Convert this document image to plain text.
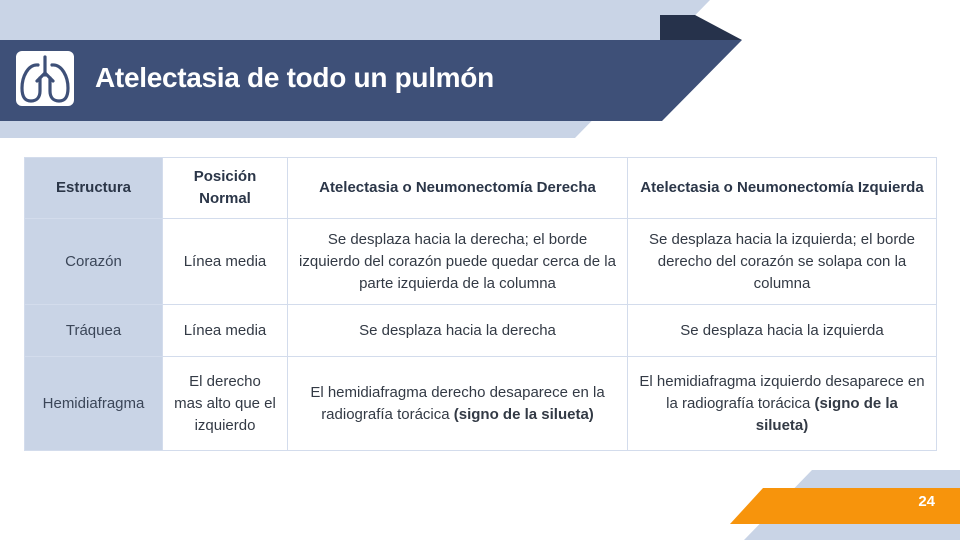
Atelectasia de todo un pulmón
Estructura	Posición Normal	Atelectasia o Neumonectomía Derecha	Atelectasia o Neumonectomía Izquierda
Corazón	Línea media	Se desplaza hacia la derecha; el borde izquierdo del corazón puede quedar cerca de la parte izquierda de la columna	Se desplaza hacia la izquierda; el borde derecho del corazón se solapa con la columna
Tráquea	Línea media	Se desplaza hacia la derecha	Se desplaza hacia la izquierda
Hemidiafragma	El derecho mas alto que el izquierdo	El hemidiafragma derecho desaparece en la radiografía torácica (signo de la silueta)	El hemidiafragma izquierdo desaparece en la radiografía torácica (signo de la silueta)
24
